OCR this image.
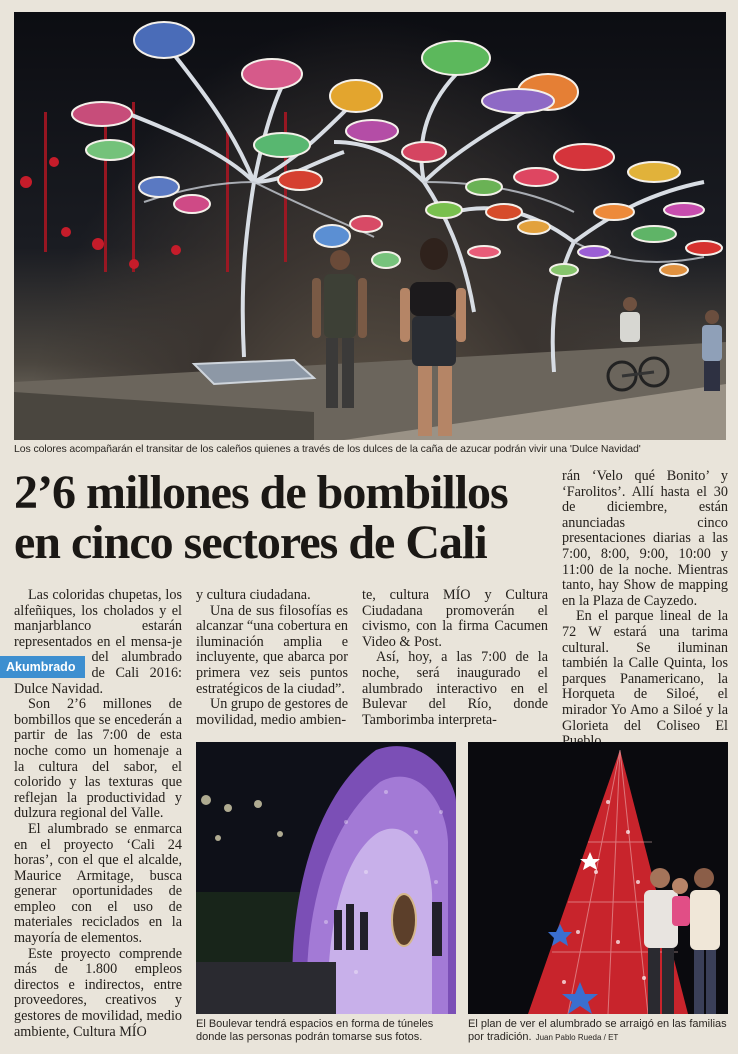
Los colores acompañarán el transitar de los caleños quienes a través de los dulces de la caña de azucar podrán vivir una 'Dulce Navidad'
2’6 millones de bombillos en cinco sectores de Cali

Las coloridas chupetas, los alfeñiques, los cholados y el manjarblanco estarán representados en el mensa-
Akumbrado
je del alumbrado de Cali 2016: Dulce Navidad.

Son 2’6 millones de bombillos que se encederán a partir de las 7:00 de esta noche como un homenaje a la cultura del sabor, el colorido y las texturas que reflejan la productividad y dulzura regional del Valle.

El alumbrado se enmarca en el proyecto ‘Cali 24 horas’, con el que el alcalde, Maurice Armitage, busca generar oportunidades de empleo con el uso de materiales reciclados en la mayoría de elementos.

Este proyecto comprende más de 1.800 empleos directos e indirectos, entre proveedores, creativos y gestores de movilidad, medio ambiente, Cultura MÍO

y cultura ciudadana.

Una de sus filosofías es alcanzar “una cobertura en iluminación amplia e incluyente, que abarca por primera vez seis puntos estratégicos de la ciudad”.

Un grupo de gestores de movilidad, medio ambien-

te, cultura MÍO y Cultura Ciudadana promoverán el civismo, con la firma Cacumen Video & Post.

Así, hoy, a las 7:00 de la noche, será inaugurado el alumbrado interactivo en el Bulevar del Río, donde Tamborimba interpreta-

rán ‘Velo qué Bonito’ y ‘Farolitos’. Allí hasta el 30 de diciembre, están anunciadas cinco presentaciones diarias a las 7:00, 8:00, 9:00, 10:00 y 11:00 de la noche. Mientras tanto, hay Show de mapping en la Plaza de Cayzedo.

En el parque lineal de la 72 W estará una tarima cultural. Se iluminan también la Calle Quinta, los parques Panamericano, la Horqueta de Siloé, el mirador Yo Amo a Siloé y la Glorieta del Coliseo El

El Boulevar tendrá espacios en forma de túneles donde las personas podrán tomarse sus fotos.
El plan de ver el alumbrado se arraigó en las familias por tradición. Juan Pablo Rueda / ET
